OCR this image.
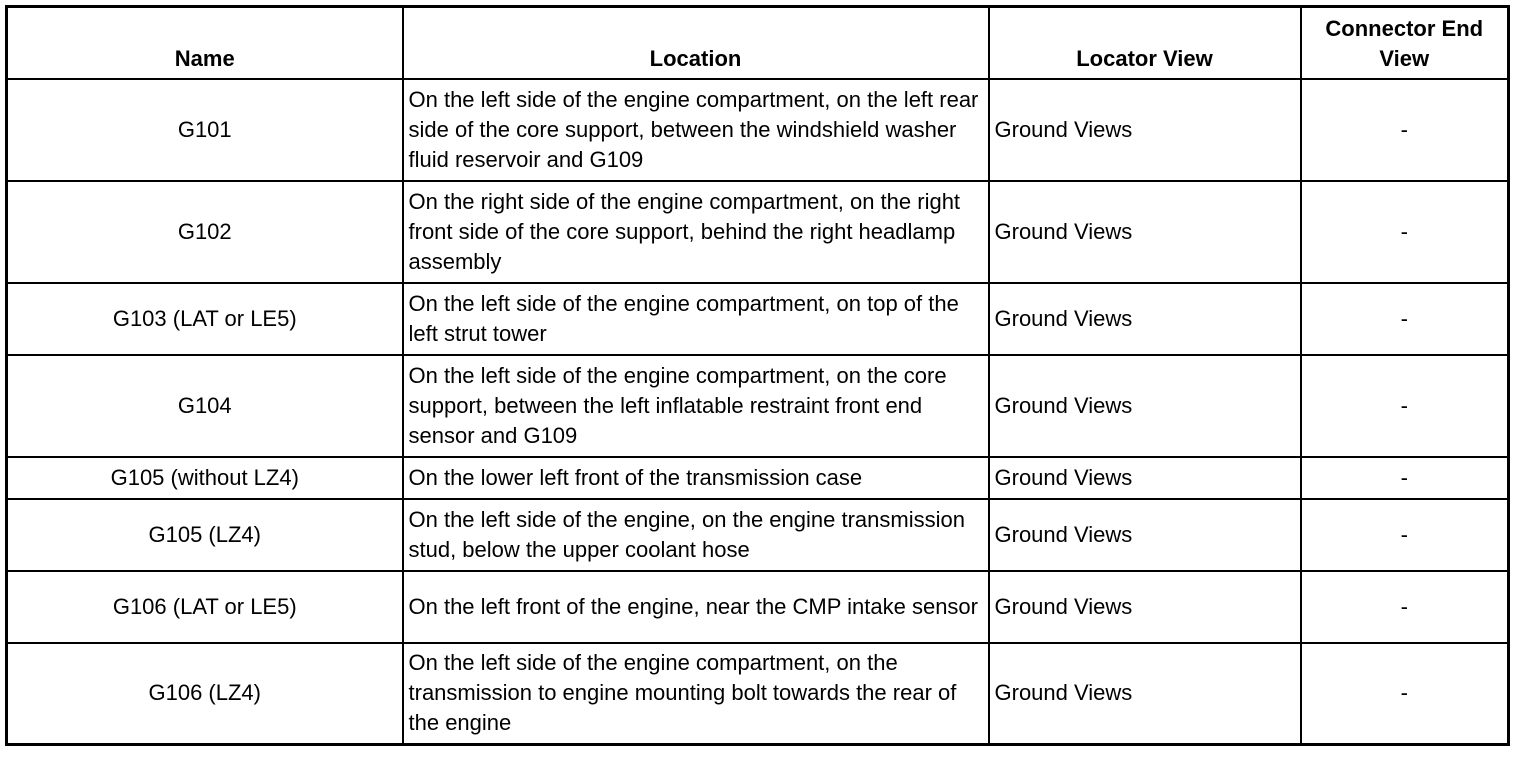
Name	Location	Locator View	Connector End View
G101	On the left side of the engine compartment, on the left rear side of the core support, between the windshield washer fluid reservoir and G109	Ground Views	-
G102	On the right side of the engine compartment, on the right front side of the core support, behind the right headlamp assembly	Ground Views	-
G103 (LAT or LE5)	On the left side of the engine compartment, on top of the left strut tower	Ground Views	-
G104	On the left side of the engine compartment, on the core support, between the left inflatable restraint front end sensor and G109	Ground Views	-
G105 (without LZ4)	On the lower left front of the transmission case	Ground Views	-
G105 (LZ4)	On the left side of the engine, on the engine transmission stud, below the upper coolant hose	Ground Views	-
G106 (LAT or LE5)	On the left front of the engine, near the CMP intake sensor	Ground Views	-
G106 (LZ4)	On the left side of the engine compartment, on the transmission to engine mounting bolt towards the rear of the engine	Ground Views	-
